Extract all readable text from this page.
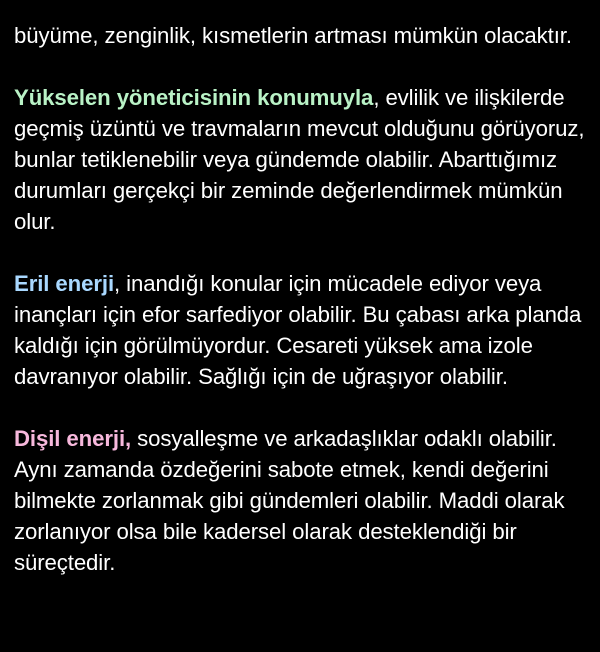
büyüme, zenginlik, kısmetlerin artması mümkün olacaktır.

Yükselen yöneticisinin konumuyla, evlilik ve ilişkilerde geçmiş üzüntü ve travmaların mevcut olduğunu görüyoruz, bunlar tetiklenebilir veya gündemde olabilir. Abarttığımız durumları gerçekçi bir zeminde değerlendirmek mümkün olur.

Eril enerji, inandığı konular için mücadele ediyor veya inançları için efor sarfediyor olabilir. Bu çabası arka planda kaldığı için görülmüyordur. Cesareti yüksek ama izole davranıyor olabilir. Sağlığı için de uğraşıyor olabilir.

Dişil enerji, sosyalleşme ve arkadaşlıklar odaklı olabilir. Aynı zamanda özdeğerini sabote etmek, kendi değerini bilmekte zorlanmak gibi gündemleri olabilir. Maddi olarak zorlanıyor olsa bile kadersel olarak desteklendiği bir süreçtedir.
